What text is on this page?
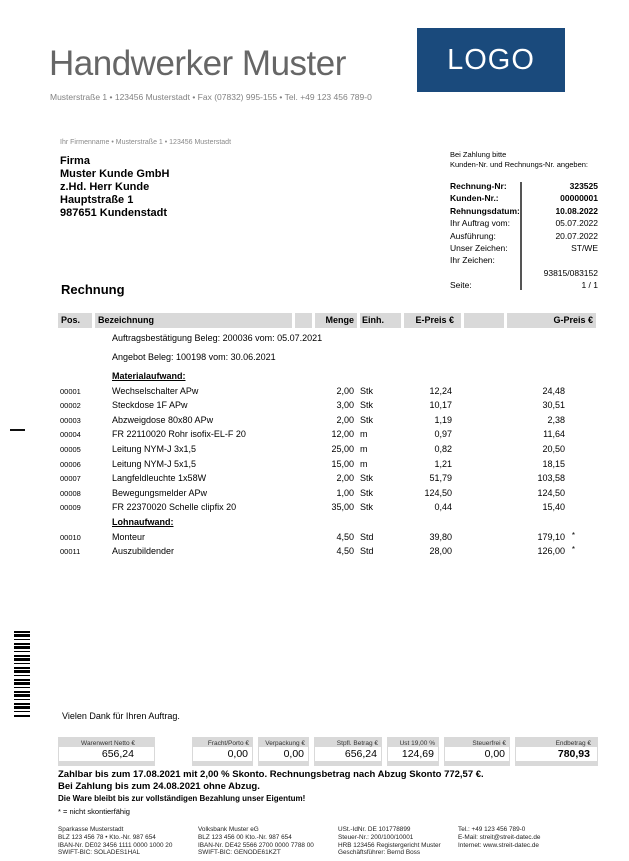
Handwerker Muster
Musterstraße 1 • 123456 Musterstadt • Fax (07832) 995-155 • Tel. +49 123 456 789-0
LOGO
Ihr Firmenname • Musterstraße 1 • 123456 Musterstadt
Firma
Muster Kunde GmbH
z.Hd. Herr Kunde
Hauptstraße 1
987651 Kundenstadt
Bei Zahlung bitte
Kunden-Nr. und Rechnungs-Nr. angeben:
Rechnung-Nr:	323525
Kunden-Nr.:	00000001
Rehnungsdatum:	10.08.2022
Ihr Auftrag vom:	05.07.2022
Ausführung:	20.07.2022
Unser Zeichen:	ST/WE
Ihr Zeichen:
93815/083152
Seite:	1 / 1
Rechnung
Pos.	Bezeichnung	Menge Einh.	E-Preis €	G-Preis €
Auftragsbestätigung Beleg: 200036 vom: 05.07.2021
Angebot Beleg: 100198 vom: 30.06.2021
Materialaufwand:
00001	Wechselschalter APw	2,00 Stk	12,24	24,48
00002	Steckdose 1F APw	3,00 Stk	10,17	30,51
00003	Abzweigdose 80x80 APw	2,00 Stk	1,19	2,38
00004	FR 22110020 Rohr isofix-EL-F 20	12,00 m	0,97	11,64
00005	Leitung NYM-J 3x1,5	25,00 m	0,82	20,50
00006	Leitung NYM-J 5x1,5	15,00 m	1,21	18,15
00007	Langfeldleuchte 1x58W	2,00 Stk	51,79	103,58
00008	Bewegungsmelder APw	1,00 Stk	124,50	124,50
00009	FR 22370020 Schelle clipfix 20	35,00 Stk	0,44	15,40
Lohnaufwand:
00010	Monteur	4,50 Std	39,80	179,10 *
00011	Auszubildender	4,50 Std	28,00	126,00 *
Vielen Dank für Ihren Auftrag.
Warenwert Netto €
656,24
Fracht/Porto €
0,00
Verpackung €
0,00
Stpfl. Betrag €
656,24
Ust 19,00 %
124,69
Steuerfrei €
0,00
Endbetrag €
780,93
Zahlbar bis zum 17.08.2021 mit 2,00 % Skonto. Rechnungsbetrag nach Abzug Skonto 772,57 €.
Bei Zahlung bis zum 24.08.2021 ohne Abzug.
Die Ware bleibt bis zur vollständigen Bezahlung unser Eigentum!
* = nicht skontierfähig
Sparkasse Musterstadt
BLZ 123 456 78 • Kto.-Nr. 987 654
IBAN-Nr. DE02 3456 1111 0000 1000 20
SWIFT-BIC: SOLADES1HAL
Volksbank Muster eG
BLZ 123 456 00 Kto.-Nr. 987 654
IBAN-Nr. DE42 5566 2700 0000 7788 00
SWIFT-BIC: GENODE61KZT
USt.-IdNr. DE 101778899
Steuer-Nr.: 200/100/10001
HRB 123456 Registergericht Muster
Geschäftsführer: Bernd Boss
Tel.: +49 123 456 789-0
E-Mail: streit@streit-datec.de
Internet: www.streit-datec.de
